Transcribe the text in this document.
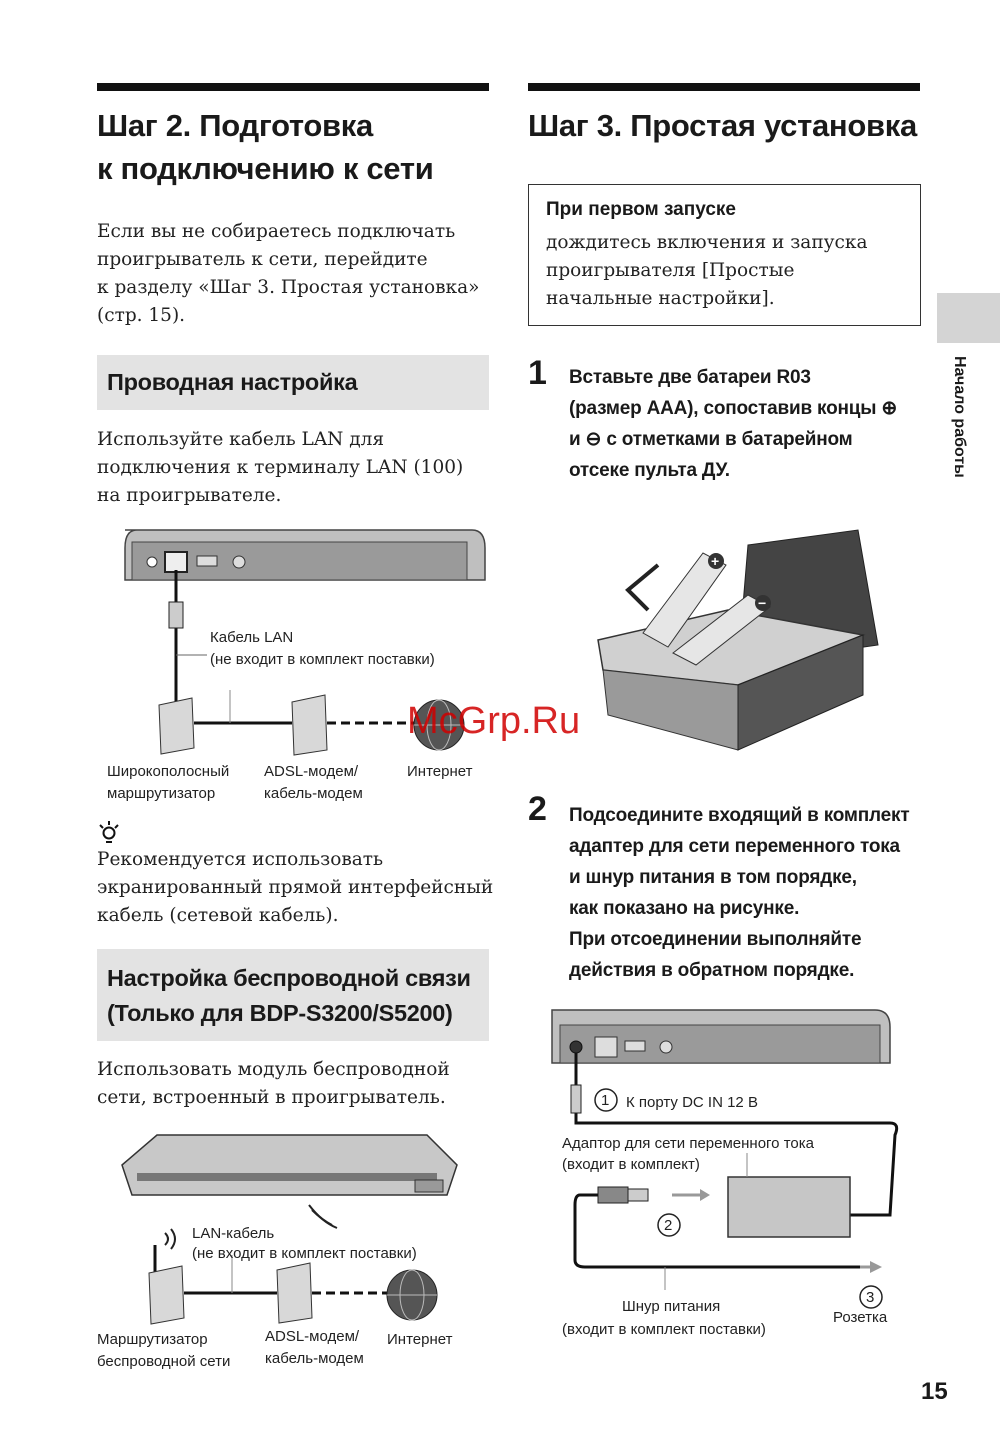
Шаг 2. Подготовка
к подключению к сети
Если вы не собираетесь подключать
проигрыватель к сети, перейдите
к разделу «Шаг 3. Простая установка»
(стр. 15).
Проводная настройка
Используйте кабель LAN для
подключения к терминалу LAN (100)
на проигрывателе.
Кабель LAN
(не входит в комплект поставки)
Широкополосный
маршрутизатор
ADSL-модем/
кабель-модем
Интернет
Рекомендуется использовать
экранированный прямой интерфейсный
кабель (сетевой кабель).
Настройка беспроводной связи
(Только для BDP-S3200/S5200)
Использовать модуль беспроводной
сети, встроенный в проигрыватель.
LAN-кабель
(не входит в комплект поставки)
Маршрутизатор
беспроводной сети
ADSL-модем/
кабель-модем
Интернет
Шаг 3. Простая установка
При первом запуске
дождитесь включения и запуска
проигрывателя [Простые
начальные настройки].
1 Вставьте две батареи R03
(размер AAA), сопоставив концы ⊕
и ⊖ с отметками в батарейном
отсеке пульта ДУ.
+
−
2 Подсоедините входящий в комплект
адаптер для сети переменного тока
и шнур питания в том порядке,
как показано на рисунке.
При отсоединении выполняйте
действия в обратном порядке.
1 К порту DC IN 12 В
Адаптор для сети переменного тока
(входит в комплект)
2
Шнур питания
(входит в комплект поставки)
3
Розетка
Начало работы
15
McGrp.Ru
